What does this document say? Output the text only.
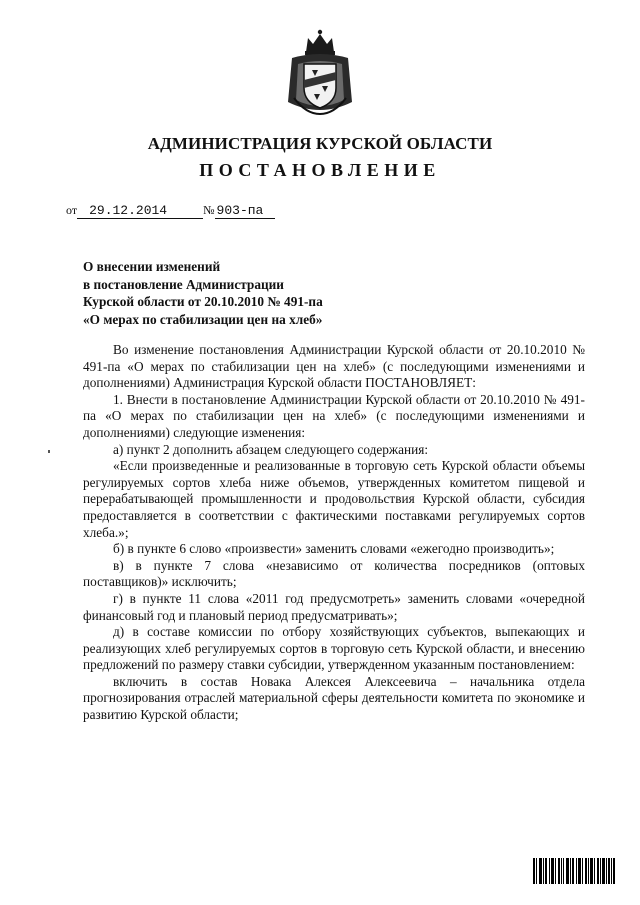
АДМИНИСТРАЦИЯ КУРСКОЙ ОБЛАСТИ
ПОСТАНОВЛЕНИЕ
от 29.12.2014	№ 903-па
О внесении изменений
в постановление Администрации
Курской области от 20.10.2010 № 491-па
«О мерах по стабилизации цен на хлеб»

Во изменение постановления Администрации Курской области от 20.10.2010 № 491-па «О мерах по стабилизации цен на хлеб» (с последующими изменениями и дополнениями) Администрация Курской области ПОСТАНОВЛЯЕТ:

1. Внести в постановление Администрации Курской области от 20.10.2010 № 491-па «О мерах по стабилизации цен на хлеб» (с последующими изменениями и дополнениями) следующие изменения:

а) пункт 2 дополнить абзацем следующего содержания:

«Если произведенные и реализованные в торговую сеть Курской области объемы регулируемых сортов хлеба ниже объемов, утвержденных комитетом пищевой и перерабатывающей промышленности и продовольствия Курской области, субсидия предоставляется в соответствии с фактическими поставками регулируемых сортов хлеба.»;

б) в пункте 6 слово «произвести» заменить словами «ежегодно производить»;

в) в пункте 7 слова «независимо от количества посредников (оптовых поставщиков)» исключить;

г) в пункте 11 слова «2011 год предусмотреть» заменить словами «очередной финансовый год и плановый период предусматривать»;

д) в составе комиссии по отбору хозяйствующих субъектов, выпекающих и реализующих хлеб регулируемых сортов в торговую сеть Курской области, и внесению предложений по размеру ставки субсидии, утвержденном указанным постановлением:

включить в состав Новака Алексея Алексеевича – начальника отдела прогнозирования отраслей материальной сферы деятельности комитета по экономике и развитию Курской области;
